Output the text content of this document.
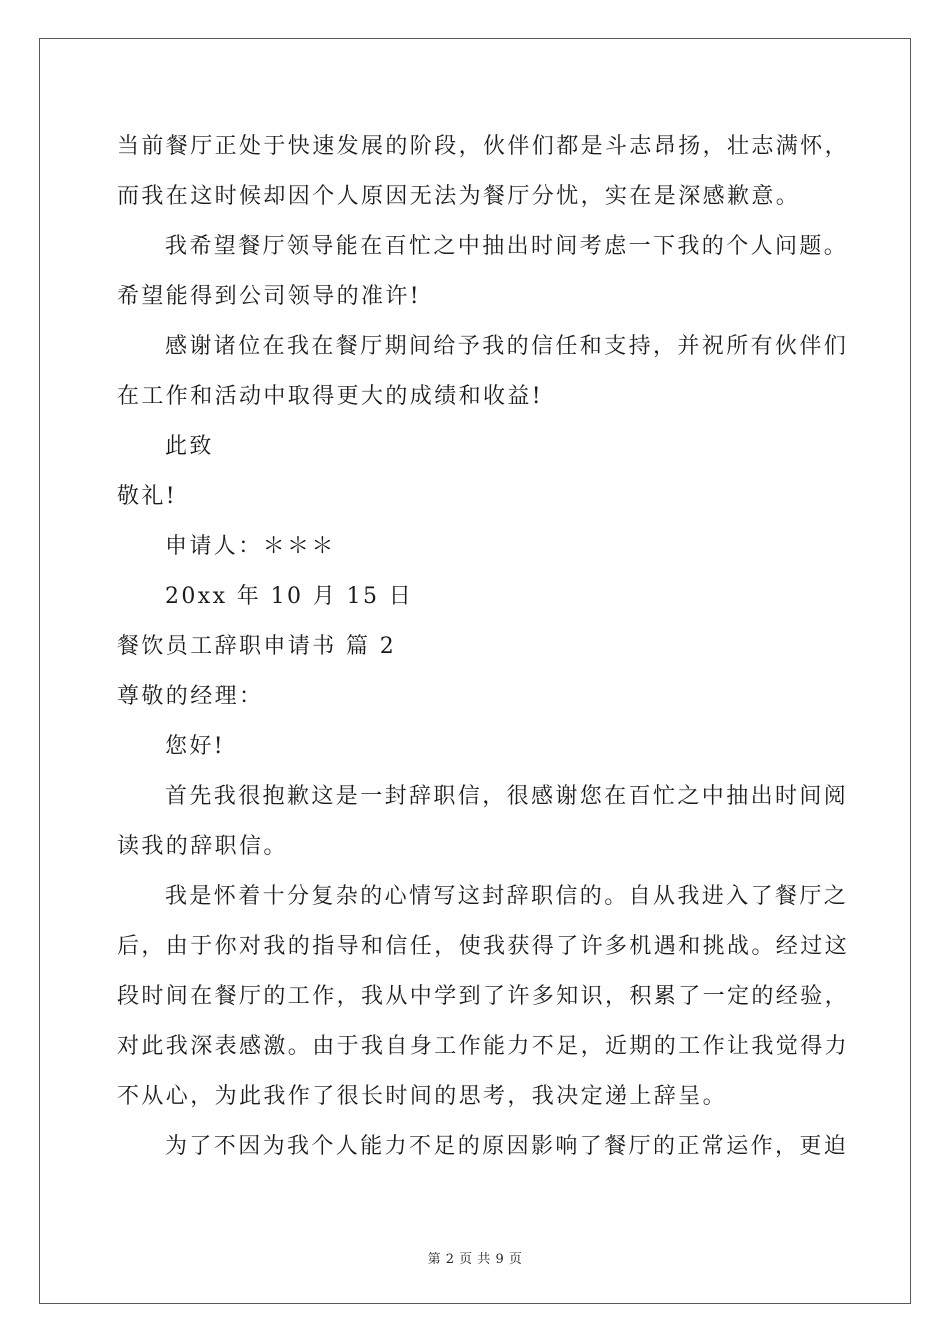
当前餐厅正处于快速发展的阶段，伙伴们都是斗志昂扬，壮志满怀，
而我在这时候却因个人原因无法为餐厅分忧，实在是深感歉意。
我希望餐厅领导能在百忙之中抽出时间考虑一下我的个人问题。
希望能得到公司领导的准许!
感谢诸位在我在餐厅期间给予我的信任和支持，并祝所有伙伴们
在工作和活动中取得更大的成绩和收益!
此致
敬礼!
申请人：＊＊＊
20xx 年 10 月 15 日
餐饮员工辞职申请书 篇 2
尊敬的经理：
您好!
首先我很抱歉这是一封辞职信，很感谢您在百忙之中抽出时间阅
读我的辞职信。
我是怀着十分复杂的心情写这封辞职信的。自从我进入了餐厅之
后，由于你对我的指导和信任，使我获得了许多机遇和挑战。经过这
段时间在餐厅的工作，我从中学到了许多知识，积累了一定的经验，
对此我深表感激。由于我自身工作能力不足，近期的工作让我觉得力
不从心，为此我作了很长时间的思考，我决定递上辞呈。
为了不因为我个人能力不足的原因影响了餐厅的正常运作，更迫
第 2 页 共 9 页
